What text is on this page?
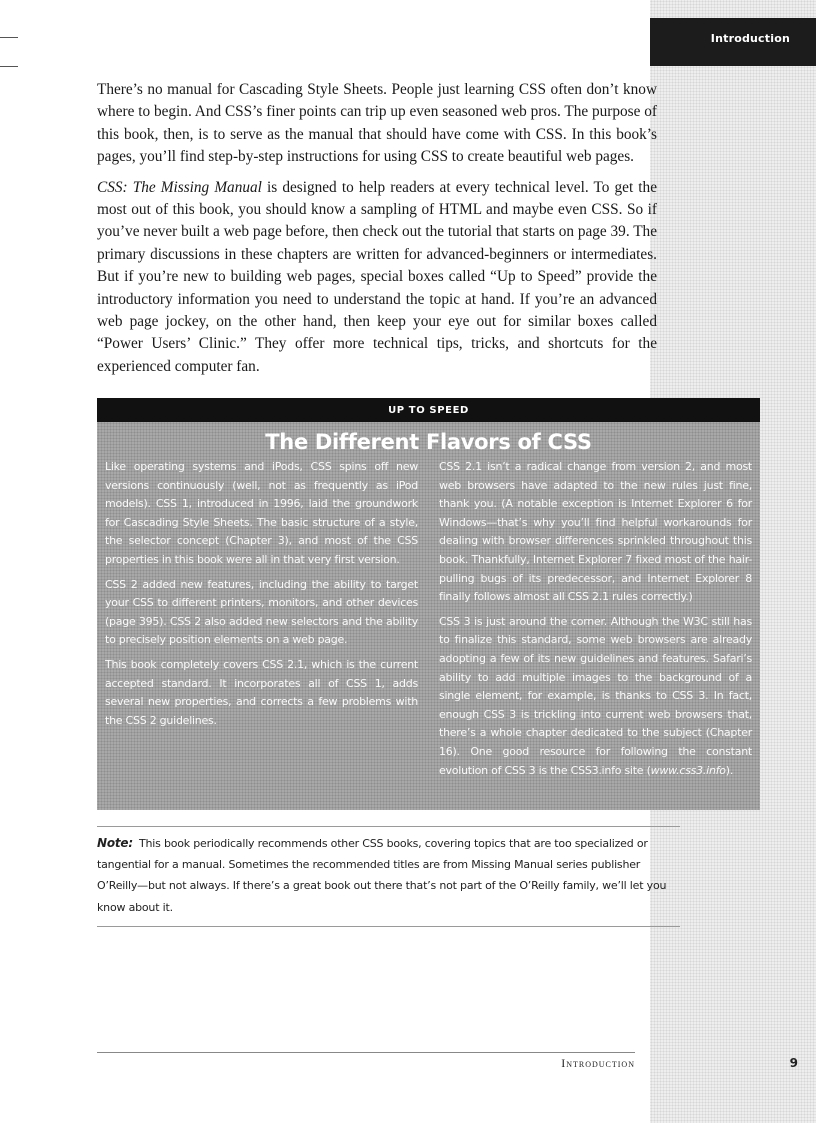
Introduction

There’s no manual for Cascading Style Sheets. People just learning CSS often don’t know where to begin. And CSS’s finer points can trip up even seasoned web pros. The purpose of this book, then, is to serve as the manual that should have come with CSS. In this book’s pages, you’ll find step-by-step instructions for using CSS to create beautiful web pages.

CSS: The Missing Manual is designed to help readers at every technical level. To get the most out of this book, you should know a sampling of HTML and maybe even CSS. So if you’ve never built a web page before, then check out the tutorial that starts on page 39. The primary discussions in these chapters are written for advanced-beginners or intermediates. But if you’re new to building web pages, special boxes called “Up to Speed” provide the introductory information you need to understand the topic at hand. If you’re an advanced web page jockey, on the other hand, then keep your eye out for similar boxes called “Power Users’ Clinic.” They offer more technical tips, tricks, and shortcuts for the experienced computer fan.

UP TO SPEED
The Different Flavors of CSS

Like operating systems and iPods, CSS spins off new versions continuously (well, not as frequently as iPod models). CSS 1, introduced in 1996, laid the groundwork for Cascading Style Sheets. The basic structure of a style, the selector concept (Chapter 3), and most of the CSS properties in this book were all in that very first version.

CSS 2 added new features, including the ability to target your CSS to different printers, monitors, and other devices (page 395). CSS 2 also added new selectors and the ability to precisely position elements on a web page.

This book completely covers CSS 2.1, which is the current accepted standard. It incorporates all of CSS 1, adds several new properties, and corrects a few problems with the CSS 2 guidelines.

CSS 2.1 isn’t a radical change from version 2, and most web browsers have adapted to the new rules just fine, thank you. (A notable exception is Internet Explorer 6 for Windows—that’s why you’ll find helpful workarounds for dealing with browser differences sprinkled throughout this book. Thankfully, Internet Explorer 7 fixed most of the hair-pulling bugs of its predecessor, and Internet Explorer 8 finally follows almost all CSS 2.1 rules correctly.)

CSS 3 is just around the corner. Although the W3C still has to finalize this standard, some web browsers are already adopting a few of its new guidelines and features. Safari’s ability to add multiple images to the background of a single element, for example, is thanks to CSS 3. In fact, enough CSS 3 is trickling into current web browsers that, there’s a whole chapter dedicated to the subject (Chapter 16). One good resource for following the constant evolution of CSS 3 is the CSS3.info site (www.css3.info).

Note: This book periodically recommends other CSS books, covering topics that are too specialized or tangential for a manual. Sometimes the recommended titles are from Missing Manual series publisher O’Reilly—but not always. If there’s a great book out there that’s not part of the O’Reilly family, we’ll let you know about it.
Introduction	9
